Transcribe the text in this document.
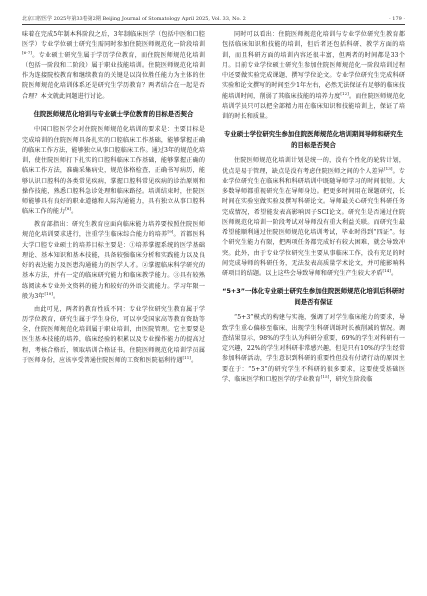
北京口腔医学 2025年第33卷第2期 Beijing Journal of Stomatology April 2025, Vol. 33, No. 2	· 179 ·

味着在完成5年制本科阶段之后，3年制临床医学（包括中医和口腔医学）专业学位硕士研究生需同时参加住院医师规范化一阶段培训[6-7]。专业硕士研究生属于学历学位教育，而住院医师规范化培训（包括一阶段和二阶段）属于职业技能培训。住院医师规范化培训作为连接院校教育和继续教育的关键是以岗位胜任能力为主体的住院医师规范化培训体系还是研究生学历教育？两者结合在一起是否合理？本文就此问题进行讨论。

住院医师规范化培训与专业硕士学位教育的目标是否契合

中国口腔医学会对住院医师规范化培训的要求是：主要目标是完成培训的住院医师具备扎实的口腔临床工作基础，能够掌握正确的临床工作方法，能够独立从事口腔临床工作。通过3年的规范化培训，使住院医师打下扎实的口腔科临床工作基础，能够掌握正确的临床工作方法，准确采集病史，规范体格检查，正确书写病历，能够认识口腔科的各类常见疾病，掌握口腔科常见疾病的诊治原则和操作技能，熟悉口腔科急诊处理和临床路径。培训结束时，住院医师能够具有良好的职业道德和人际沟通能力，具有独立从事口腔科临床工作的能力[8]。

教育部指出：研究生教育应面向临床能力培养要按照住院医师规范化培训要求进行，注重学生临床综合能力的培养[9]。首都医科大学口腔专业硕士的培养目标主要是：①培养掌握系统的医学基础理论、基本知识和基本技能，具备较强临床分析和实践能力以及良好的表达能力及医患沟通能力的医学人才。②掌握临床科学研究的基本方法，并有一定的临床研究能力和临床教学能力。③具有较熟练阅读本专业外文资料的能力和较好的外语交流能力。学习年限一般为3年[10]。

由此可见，两者的教育性质不同：专业学位研究生教育属于学历学位教育，研究生属于学生身份，可以享受国家高等教育资助等全，住院医师规范化培训属于职业培训，由医院管理。它主要要是医生基本技能的培养，临床经验的积累以及专业操作能力的提高过程，考核合格后，领取培训合格证书。住院医师规范化培训学员属于医师身份，应该享受普通住院医师的工资和医院福利待遇[11]。

同时可以看出：住院医师规范化培训与专业学位研究生教育都包括临床知识和技能的培训，但后者还包括科研、教学方面的培训，而且科研方面的培训内容还很丰富，但两者的时间都是33个月。目前专业学位硕士研究生参加住院医师规范化一阶段培训过程中还要做实验完成课题、撰写学位论文。专业学位研究生完成科研实验和论文撰写的时间至少1年左右，必然无法保证有足够的临床技能培训时间，削弱了其临床技能的培养力度[12]。而住院医师规范化培训学员只可以把全部精力用在临床知识和技能培训上，保证了培训的时长和质量。

专业硕士学位研究生参加住院医师规范化培训期间导师和研究生的目标是否契合

住院医师规范化培训计划是统一的，没有个性化的轮转计划，优点是易于管理，缺点是没有考虑住院医师之间的个人差异[13]。专业学位研究生在临床科和科研培训中既随导师学习的时间很短。大多数导师都重视研究生在导师身边。把更多时间用在课题研究，长时间在实验室做实验及撰写科研论文。导师最关心研究生科研任务完成情况，希望能发表高影响因子SCI论文。研究生是否通过住院医师规范化培训一阶段考试对导师没有重大利益关联。而研究生最希望能顺利通过住院医师规范化培训考试，毕业时得到“四证”。每个研究生能力有限，把两项任务都完成好有较大困难，就会导致冲突。此外，由于专业学位研究生主要从事临床工作，没有充足的时间完成导师的科研任务，无法发表高质量学术论文，并可能影响科研项目的结题。以上这些会导致导师和研究生产生较大矛盾[14]。

“5+3”一体化专业硕士研究生参加住院医师规范化培训后科研时间是否有保证

“5+3”模式的构建与实施，强调了对学生临床能力的要求，导致学生重心偏移至临床，出现学生科研训练时长被削减的情况。调查结果显示，98%的学生认为科研分重要，69%的学生对科研有一定兴趣，22%的学生对科研非常感兴趣，但是只有10%的学生经常参加科研活动，学生意识到科研的重要性但没有付诸行动的原因主要在于：“5+3”的研究学生不科研的很多要求，这要使受基础医学、临床医学和口腔医学的学业教育[15]，研究生阶段临
